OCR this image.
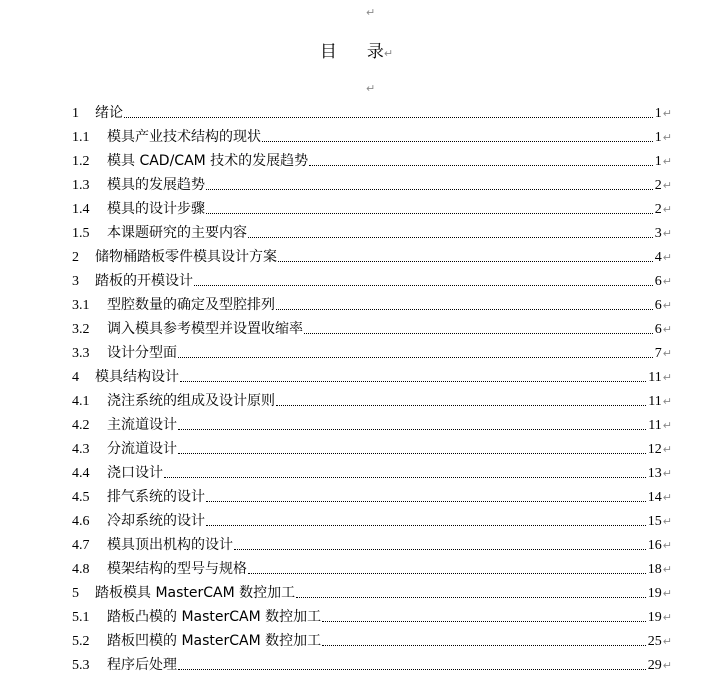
↵
目 录↵
↵
1	绪论	1 ↵
1.1	模具产业技术结构的现状	1 ↵
1.2	模具 CAD/CAM 技术的发展趋势	1 ↵
1.3	模具的发展趋势	2 ↵
1.4	模具的设计步骤	2 ↵
1.5	本课题研究的主要内容	3 ↵
2	储物桶踏板零件模具设计方案	4 ↵
3	踏板的开模设计	6 ↵
3.1	型腔数量的确定及型腔排列	6 ↵
3.2	调入模具参考模型并设置收缩率	6 ↵
3.3	设计分型面	7 ↵
4	模具结构设计	11 ↵
4.1	浇注系统的组成及设计原则	11 ↵
4.2	主流道设计	11 ↵
4.3	分流道设计	12 ↵
4.4	浇口设计	13 ↵
4.5	排气系统的设计	14 ↵
4.6	冷却系统的设计	15 ↵
4.7	模具顶出机构的设计	16 ↵
4.8	模架结构的型号与规格	18 ↵
5	踏板模具 MasterCAM 数控加工	19 ↵
5.1	踏板凸模的 MasterCAM 数控加工	19 ↵
5.2	踏板凹模的 MasterCAM 数控加工	25 ↵
5.3	程序后处理	29 ↵
